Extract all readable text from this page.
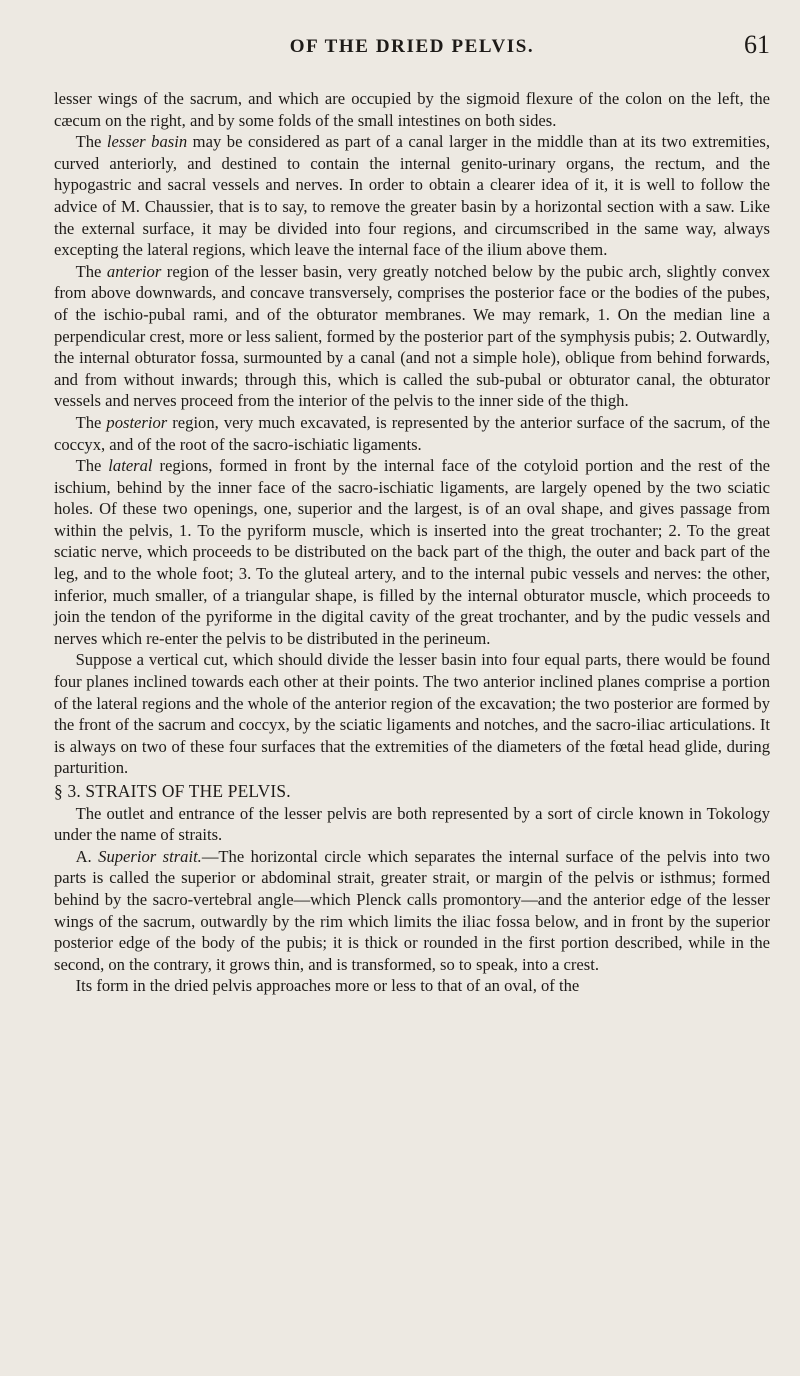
OF THE DRIED PELVIS.	61

lesser wings of the sacrum, and which are occupied by the sigmoid flexure of the colon on the left, the cæcum on the right, and by some folds of the small intestines on both sides.

The lesser basin may be considered as part of a canal larger in the middle than at its two extremities, curved anteriorly, and destined to contain the internal genito-urinary organs, the rectum, and the hypogastric and sacral vessels and nerves. In order to obtain a clearer idea of it, it is well to follow the advice of M. Chaussier, that is to say, to remove the greater basin by a horizontal section with a saw. Like the external surface, it may be divided into four regions, and circumscribed in the same way, always excepting the lateral regions, which leave the internal face of the ilium above them.

The anterior region of the lesser basin, very greatly notched below by the pubic arch, slightly convex from above downwards, and concave transversely, comprises the posterior face or the bodies of the pubes, of the ischio-pubal rami, and of the obturator membranes. We may remark, 1. On the median line a perpendicular crest, more or less salient, formed by the posterior part of the symphysis pubis; 2. Outwardly, the internal obturator fossa, surmounted by a canal (and not a simple hole), oblique from behind forwards, and from without inwards; through this, which is called the sub-pubal or obturator canal, the obturator vessels and nerves proceed from the interior of the pelvis to the inner side of the thigh.

The posterior region, very much excavated, is represented by the anterior surface of the sacrum, of the coccyx, and of the root of the sacro-ischiatic ligaments.

The lateral regions, formed in front by the internal face of the cotyloid portion and the rest of the ischium, behind by the inner face of the sacro-ischiatic ligaments, are largely opened by the two sciatic holes. Of these two openings, one, superior and the largest, is of an oval shape, and gives passage from within the pelvis, 1. To the pyriform muscle, which is inserted into the great trochanter; 2. To the great sciatic nerve, which proceeds to be distributed on the back part of the thigh, the outer and back part of the leg, and to the whole foot; 3. To the gluteal artery, and to the internal pubic vessels and nerves: the other, inferior, much smaller, of a triangular shape, is filled by the internal obturator muscle, which proceeds to join the tendon of the pyriforme in the digital cavity of the great trochanter, and by the pudic vessels and nerves which re-enter the pelvis to be distributed in the perineum.

Suppose a vertical cut, which should divide the lesser basin into four equal parts, there would be found four planes inclined towards each other at their points. The two anterior inclined planes comprise a portion of the lateral regions and the whole of the anterior region of the excavation; the two posterior are formed by the front of the sacrum and coccyx, by the sciatic ligaments and notches, and the sacro-iliac articulations. It is always on two of these four surfaces that the extremities of the diameters of the fœtal head glide, during parturition.

§ 3. STRAITS OF THE PELVIS.

The outlet and entrance of the lesser pelvis are both represented by a sort of circle known in Tokology under the name of straits.

A. Superior strait.—The horizontal circle which separates the internal surface of the pelvis into two parts is called the superior or abdominal strait, greater strait, or margin of the pelvis or isthmus; formed behind by the sacro-vertebral angle—which Plenck calls promontory—and the anterior edge of the lesser wings of the sacrum, outwardly by the rim which limits the iliac fossa below, and in front by the superior posterior edge of the body of the pubis; it is thick or rounded in the first portion described, while in the second, on the contrary, it grows thin, and is transformed, so to speak, into a crest.

Its form in the dried pelvis approaches more or less to that of an oval, of the
